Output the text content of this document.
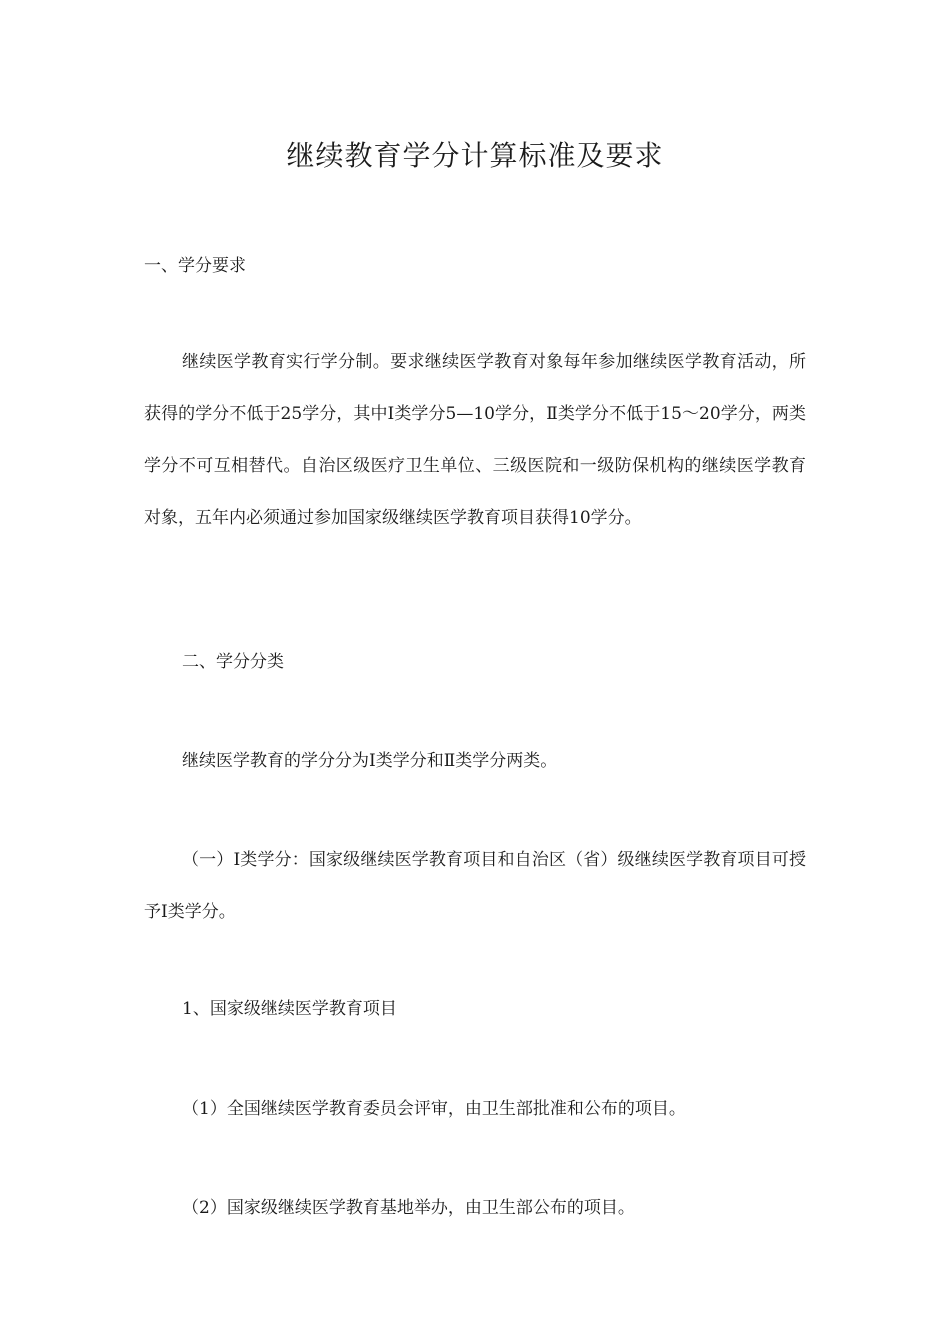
继续教育学分计算标准及要求

一、学分要求

继续医学教育实行学分制。要求继续医学教育对象每年参加继续医学教育活动，所获得的学分不低于25学分，其中Ⅰ类学分5—10学分，Ⅱ类学分不低于15～20学分，两类学分不可互相替代。自治区级医疗卫生单位、三级医院和一级防保机构的继续医学教育对象，五年内必须通过参加国家级继续医学教育项目获得10学分。

二、学分分类

继续医学教育的学分分为Ⅰ类学分和Ⅱ类学分两类。

（一）Ⅰ类学分：国家级继续医学教育项目和自治区（省）级继续医学教育项目可授予Ⅰ类学分。

1、国家级继续医学教育项目

（1）全国继续医学教育委员会评审，由卫生部批准和公布的项目。

（2）国家级继续医学教育基地举办，由卫生部公布的项目。
